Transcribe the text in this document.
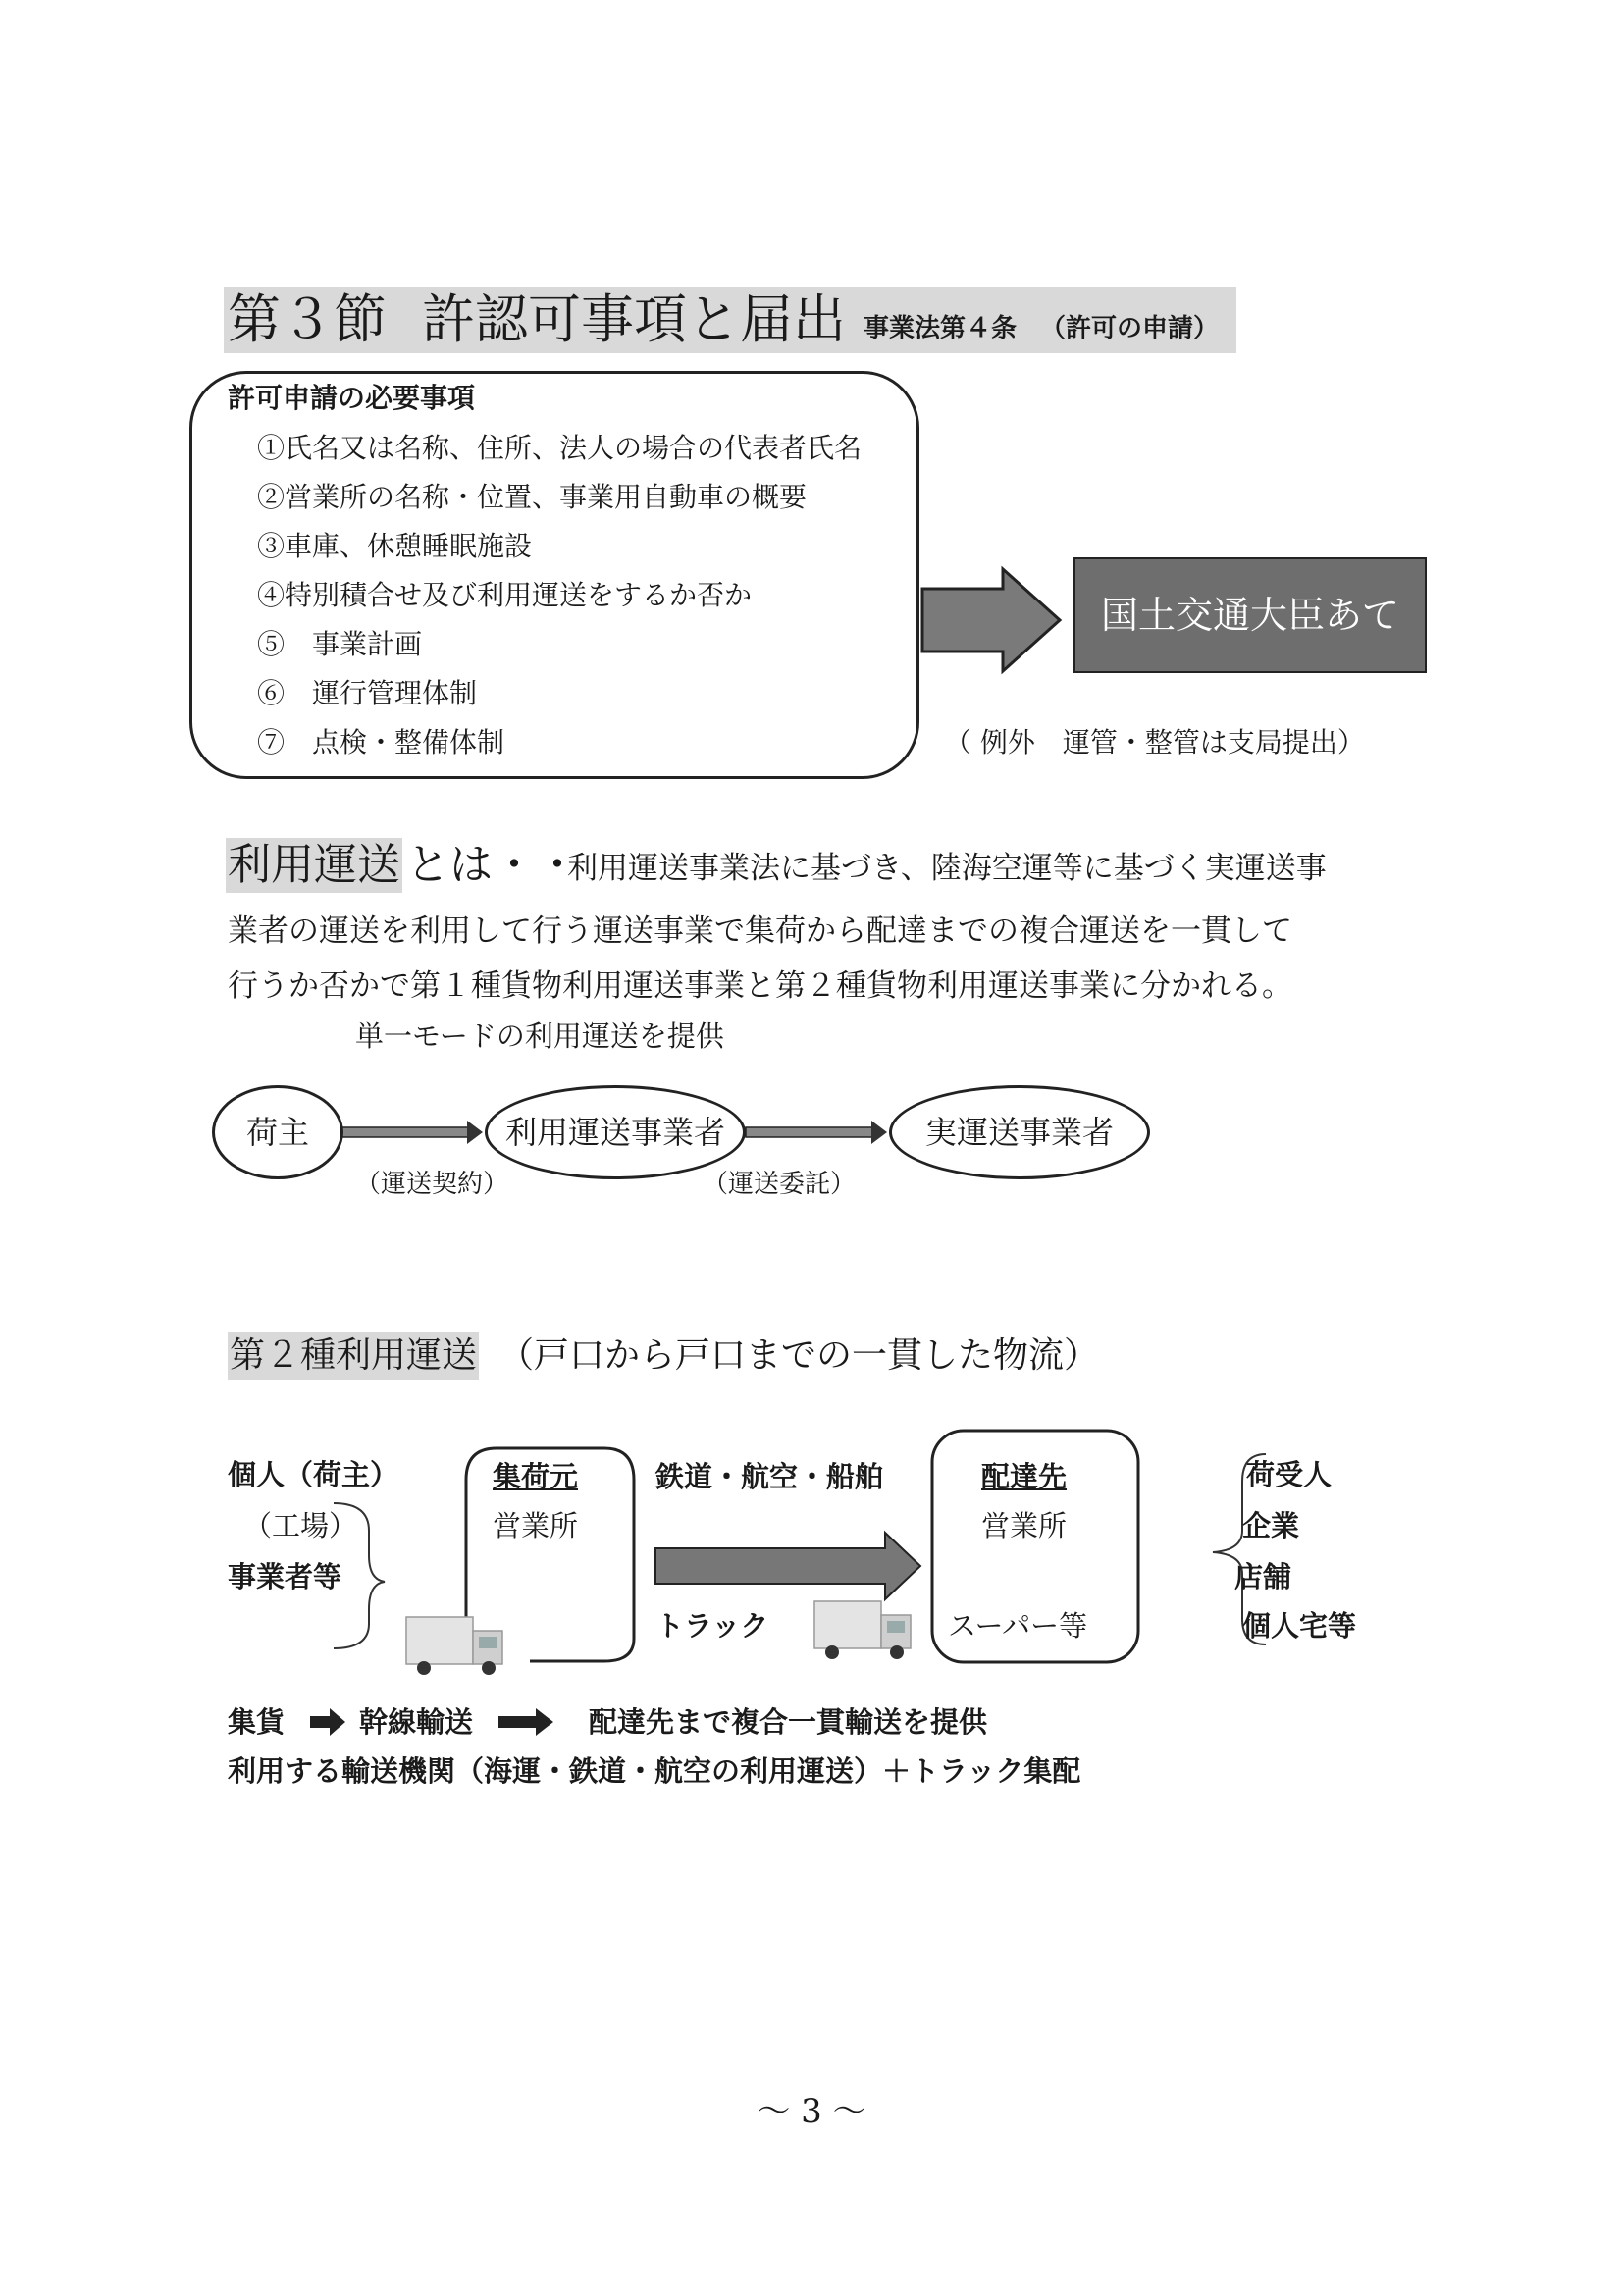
第３節 許認可事項と届出 事業法第４条 （許可の申請）
許可申請の必要事項
①氏名又は名称、住所、法人の場合の代表者氏名
②営業所の名称・位置、事業用自動車の概要
③車庫、休憩睡眠施設
④特別積合せ及び利用運送をするか否か
⑤　事業計画
⑥　運行管理体制
⑦　点検・整備体制
国土交通大臣あて
（ 例外　運管・整管は支局提出）
利用運送 とは・・
利用運送事業法に基づき、陸海空運等に基づく実運送事
業者の運送を利用して行う運送事業で集荷から配達までの複合運送を一貫して
行うか否かで第１種貨物利用運送事業と第２種貨物利用運送事業に分かれる。
単一モードの利用運送を提供
荷主	利用運送事業者	実運送事業者
（運送契約）	（運送委託）
第２種利用運送 （戸口から戸口までの一貫した物流）
個人（荷主）
（工場）
事業者等
集荷元
営業所
鉄道・航空・船舶
トラック
配達先
営業所
スーパー等
荷受人
企業
店舗
個人宅等
集貨	幹線輸送	配達先まで複合一貫輸送を提供
利用する輸送機関（海運・鉄道・航空の利用運送）＋トラック集配
～ 3 ～
